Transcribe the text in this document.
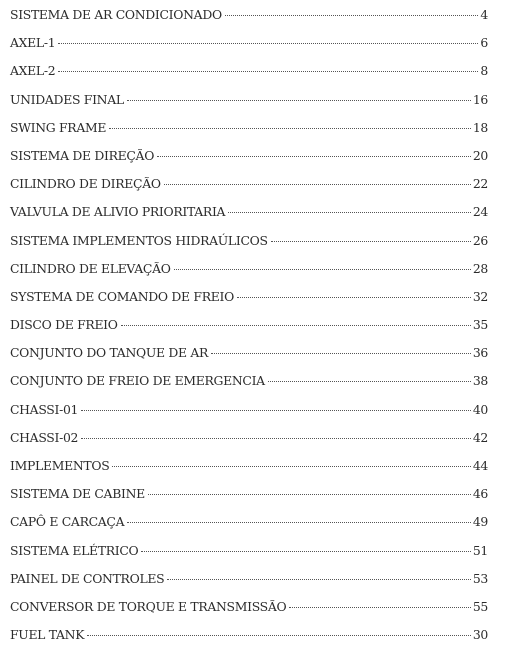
SISTEMA DE AR CONDICIONADO	4
AXEL-1	6
AXEL-2	8
UNIDADES FINAL	16
SWING FRAME	18
SISTEMA DE DIREÇÃO	20
CILINDRO DE DIREÇÃO	22
VALVULA DE ALIVIO PRIORITARIA	24
SISTEMA IMPLEMENTOS HIDRAÚLICOS	26
CILINDRO DE ELEVAÇÃO	28
SYSTEMA DE COMANDO DE FREIO	32
DISCO DE FREIO	35
CONJUNTO DO TANQUE DE AR	36
CONJUNTO DE FREIO DE EMERGENCIA	38
CHASSI-01	40
CHASSI-02	42
IMPLEMENTOS	44
SISTEMA DE CABINE	46
CAPÔ E CARCAÇA	49
SISTEMA ELÉTRICO	51
PAINEL DE CONTROLES	53
CONVERSOR DE TORQUE E TRANSMISSÃO	55
FUEL TANK	30
